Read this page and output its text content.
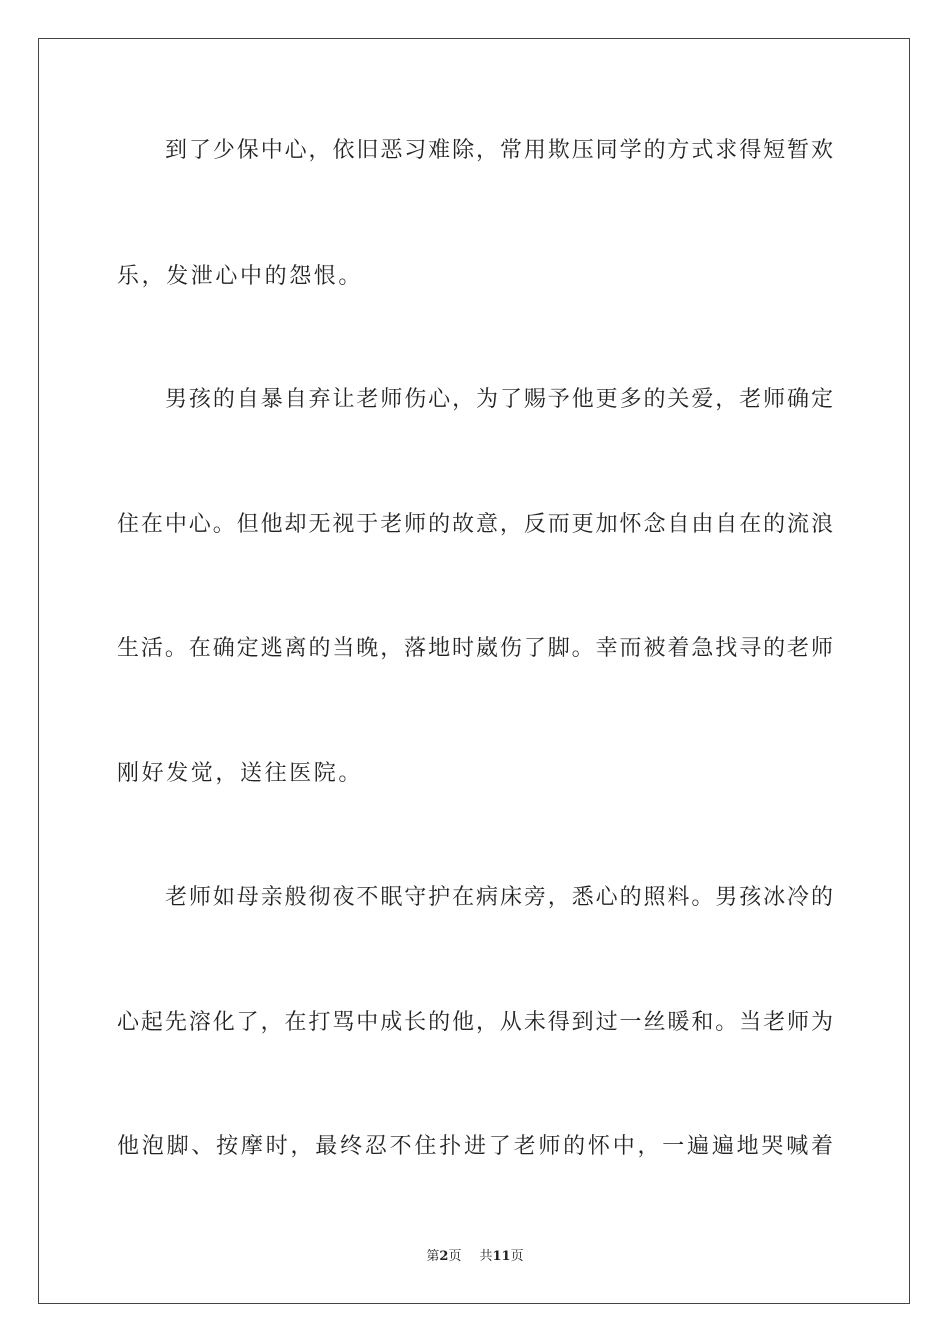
到了少保中心，依旧恶习难除，常用欺压同学的方式求得短暂欢
乐，发泄心中的怨恨。
男孩的自暴自弃让老师伤心，为了赐予他更多的关爱，老师确定
住在中心。但他却无视于老师的故意，反而更加怀念自由自在的流浪
生活。在确定逃离的当晚，落地时崴伤了脚。幸而被着急找寻的老师
刚好发觉，送往医院。
老师如母亲般彻夜不眠守护在病床旁，悉心的照料。男孩冰冷的
心起先溶化了，在打骂中成长的他，从未得到过一丝暖和。当老师为
他泡脚、按摩时，最终忍不住扑进了老师的怀中，一遍遍地哭喊着
第2页 共11页
